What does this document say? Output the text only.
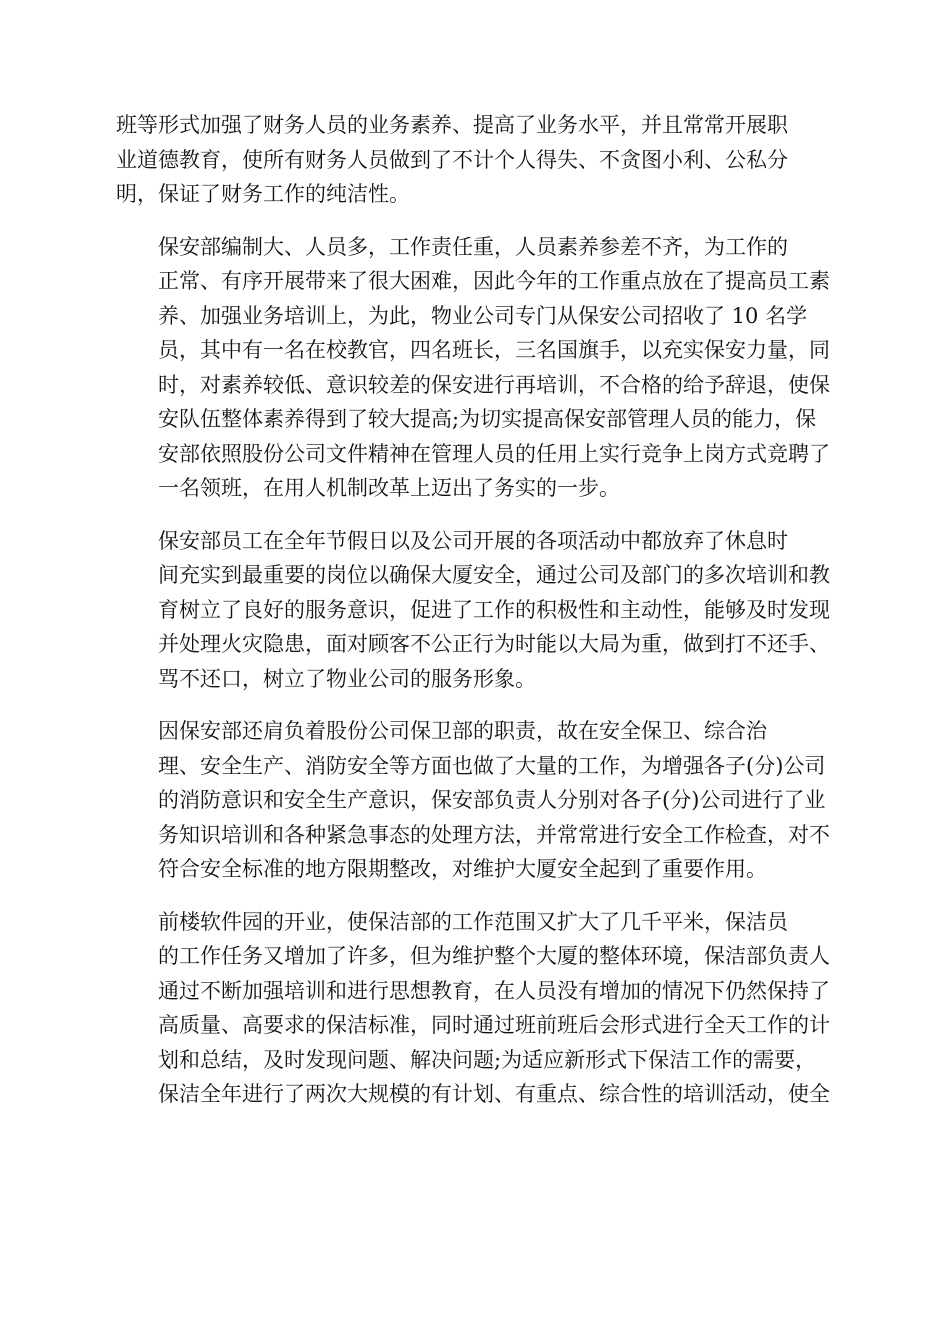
班等形式加强了财务人员的业务素养、提高了业务水平，并且常常开展职
业道德教育，使所有财务人员做到了不计个人得失、不贪图小利、公私分
明，保证了财务工作的纯洁性。

保安部编制大、人员多，工作责任重，人员素养参差不齐，为工作的
正常、有序开展带来了很大困难，因此今年的工作重点放在了提高员工素
养、加强业务培训上，为此，物业公司专门从保安公司招收了 10 名学
员，其中有一名在校教官，四名班长，三名国旗手，以充实保安力量，同
时，对素养较低、意识较差的保安进行再培训，不合格的给予辞退，使保
安队伍整体素养得到了较大提高;为切实提高保安部管理人员的能力，保
安部依照股份公司文件精神在管理人员的任用上实行竞争上岗方式竞聘了
一名领班，在用人机制改革上迈出了务实的一步。

保安部员工在全年节假日以及公司开展的各项活动中都放弃了休息时
间充实到最重要的岗位以确保大厦安全，通过公司及部门的多次培训和教
育树立了良好的服务意识，促进了工作的积极性和主动性，能够及时发现
并处理火灾隐患，面对顾客不公正行为时能以大局为重，做到打不还手、
骂不还口，树立了物业公司的服务形象。

因保安部还肩负着股份公司保卫部的职责，故在安全保卫、综合治
理、安全生产、消防安全等方面也做了大量的工作，为增强各子(分)公司
的消防意识和安全生产意识，保安部负责人分别对各子(分)公司进行了业
务知识培训和各种紧急事态的处理方法，并常常进行安全工作检查，对不
符合安全标准的地方限期整改，对维护大厦安全起到了重要作用。

前楼软件园的开业，使保洁部的工作范围又扩大了几千平米，保洁员
的工作任务又增加了许多，但为维护整个大厦的整体环境，保洁部负责人
通过不断加强培训和进行思想教育，在人员没有增加的情况下仍然保持了
高质量、高要求的保洁标准，同时通过班前班后会形式进行全天工作的计
划和总结，及时发现问题、解决问题;为适应新形式下保洁工作的需要，
保洁全年进行了两次大规模的有计划、有重点、综合性的培训活动，使全
